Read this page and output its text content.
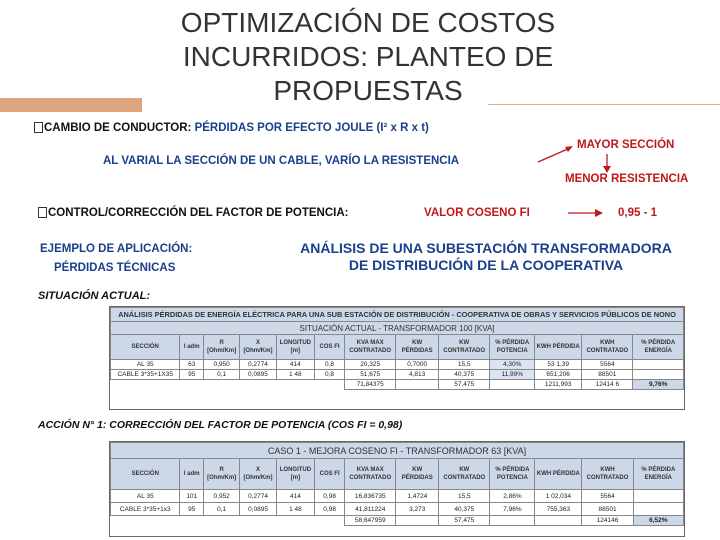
OPTIMIZACIÓN DE COSTOS INCURRIDOS: PLANTEO DE PROPUESTAS
CAMBIO DE CONDUCTOR: PÉRDIDAS POR EFECTO JOULE (I² x R x t)
AL VARIAL LA SECCIÓN DE UN CABLE, VARÍO LA RESISTENCIA
MAYOR SECCIÓN
MENOR RESISTENCIA
CONTROL/CORRECCIÓN DEL FACTOR DE POTENCIA:	VALOR COSENO FI	0,95 - 1
EJEMPLO DE APLICACIÓN:
PÉRDIDAS TÉCNICAS
ANÁLISIS DE UNA SUBESTACIÓN TRANSFORMADORA
DE DISTRIBUCIÓN DE LA COOPERATIVA
SITUACIÓN ACTUAL:
ANÁLISIS PÉRDIDAS DE ENERGÍA ELÉCTRICA PARA UNA SUB ESTACIÓN DE DISTRIBUCIÓN - COOPERATIVA DE OBRAS Y SERVICIOS PÚBLICOS DE NONO												
SITUACIÓN ACTUAL - TRANSFORMADOR 100 [KVA]												
SECCIÓN	I adm	R [Ohm/Km]	X [Ohm/Km]	LONGITUD [m]	COS FI	KVA MAX CONTRATADO	KW PÉRDIDAS	KW CONTRATADO	% PÉRDIDA POTENCIA	KWH PÉRDIDA	KWH CONTRATADO	% PÉRDIDA ENERGÍA
AL 35	63	0,950	0,2774	414	0,8	20,325	0,7000	15,5	4,30%	53 1,39	5564	
CABLE 3*35+1X35	95	0,1	0,0895	1 48	0,8	51,675	4,813	40,375	11,99%	651,206	88501	
						71,84375		57,475		1211,993	12414 6	9,76%
ACCIÓN N° 1: CORRECCIÓN DEL FACTOR DE POTENCIA (COS FI = 0,98)
CASO 1 - MEJORA COSENO FI - TRANSFORMADOR 63 [KVA]												
SECCIÓN	I adm	R [Ohm/Km]	X [Ohm/Km]	LONGITUD [m]	COS FI	KVA MAX CONTRATADO	KW PÉRDIDAS	KW CONTRATADO	% PÉRDIDA POTENCIA	KWH PÉRDIDA	KWH CONTRATADO	% PÉRDIDA ENERGÍA
AL 35	101	0,952	0,2774	414	0,98	16,836735	1,4724	15,5	2,86%	1 02,034	5564	
CABLE 3*35+1x3	95	0,1	0,0895	1 48	0,98	41,811224	3,273	40,375	7,96%	755,363	88501	
						58,647959		57,475			124146	6,52%
